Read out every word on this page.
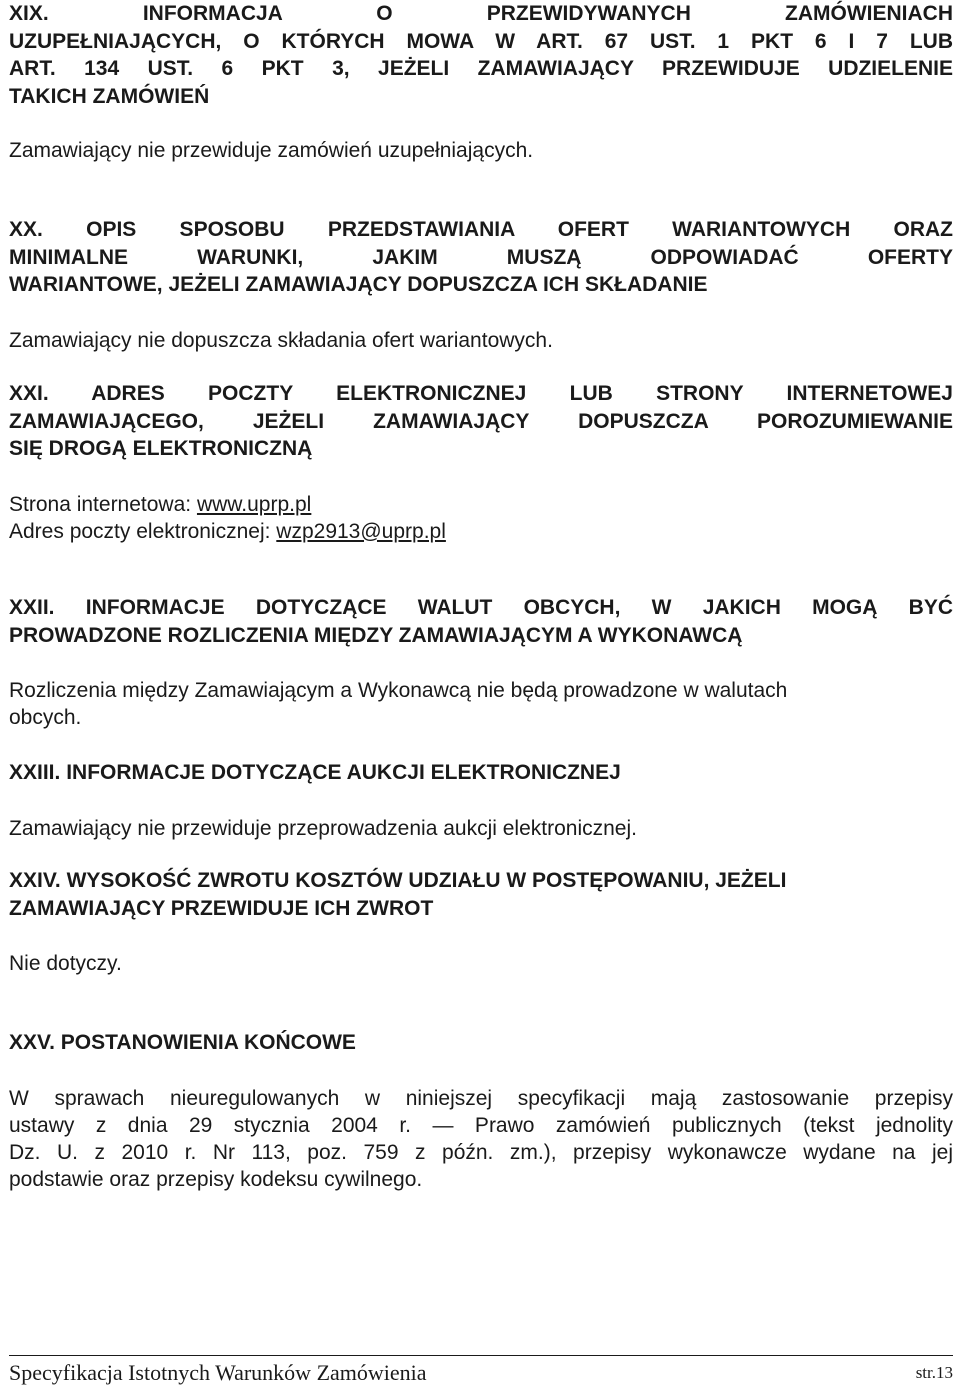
XIX.	INFORMACJA O PRZEWIDYWANYCH ZAMÓWIENIACH
UZUPEŁNIAJĄCYCH, O KTÓRYCH MOWA W ART. 67 UST. 1 PKT 6 I 7 LUB
ART. 134 UST. 6 PKT 3, JEŻELI ZAMAWIAJĄCY PRZEWIDUJE UDZIELENIE
TAKICH ZAMÓWIEŃ

Zamawiający nie przewiduje zamówień uzupełniających.

XX. OPIS SPOSOBU PRZEDSTAWIANIA OFERT WARIANTOWYCH ORAZ
MINIMALNE WARUNKI, JAKIM MUSZĄ ODPOWIADAĆ OFERTY
WARIANTOWE, JEŻELI ZAMAWIAJĄCY DOPUSZCZA ICH SKŁADANIE

Zamawiający nie dopuszcza składania ofert wariantowych.

XXI. ADRES POCZTY ELEKTRONICZNEJ LUB STRONY INTERNETOWEJ
ZAMAWIAJĄCEGO, JEŻELI ZAMAWIAJĄCY DOPUSZCZA POROZUMIEWANIE
SIĘ DROGĄ ELEKTRONICZNĄ

Strona internetowa: www.uprp.pl

Adres poczty elektronicznej: wzp2913@uprp.pl

XXII. INFORMACJE DOTYCZĄCE WALUT OBCYCH, W JAKICH MOGĄ BYĆ
PROWADZONE ROZLICZENIA MIĘDZY ZAMAWIAJĄCYM A WYKONAWCĄ

Rozliczenia między Zamawiającym a Wykonawcą nie będą prowadzone w walutach
obcych.

XXIII. INFORMACJE DOTYCZĄCE AUKCJI ELEKTRONICZNEJ

Zamawiający nie przewiduje przeprowadzenia aukcji elektronicznej.

XXIV. WYSOKOŚĆ ZWROTU KOSZTÓW UDZIAŁU W POSTĘPOWANIU, JEŻELI
ZAMAWIAJĄCY PRZEWIDUJE ICH ZWROT

Nie dotyczy.

XXV. POSTANOWIENIA KOŃCOWE

W sprawach nieuregulowanych w niniejszej specyfikacji mają zastosowanie przepisy
ustawy z dnia 29 stycznia 2004 r. — Prawo zamówień publicznych (tekst jednolity
Dz. U. z 2010 r. Nr 113, poz. 759 z późn. zm.), przepisy wykonawcze wydane na jej
podstawie oraz przepisy kodeksu cywilnego.

Specyfikacja Istotnych Warunków Zamówienia	str.13
